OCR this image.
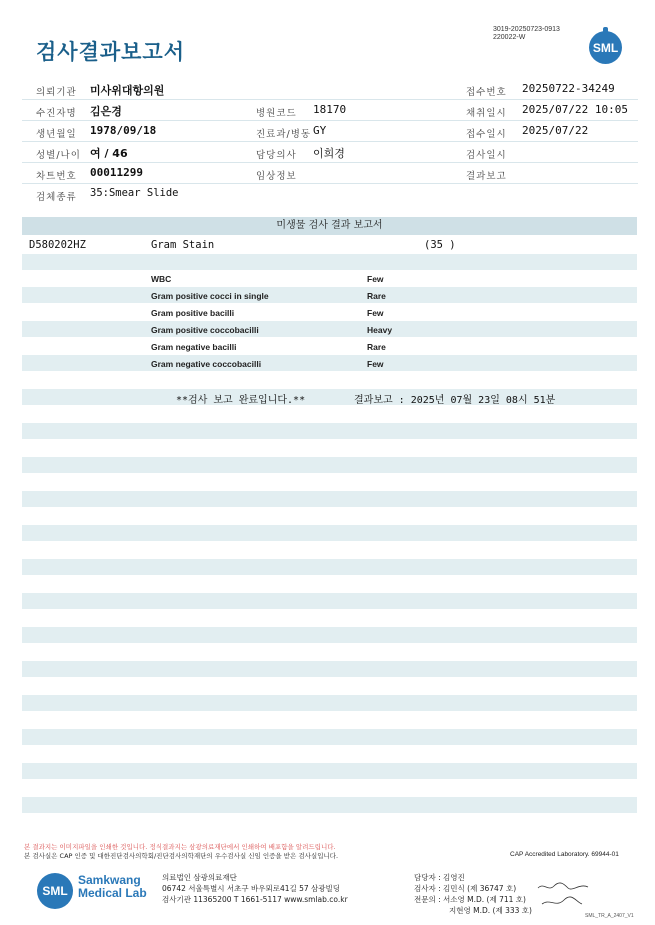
검사결과보고서
3019-20250723-0913
220022-W
SML
의뢰기관 미사위대항의원	접수번호 20250722-34249
수진자명 김은경	병원코드 18170	채취일시 2025/07/22 10:05
생년월일 1978/09/18	진료과/병동 GY	접수일시 2025/07/22
성별/나이 여 / 46	담당의사 이희경	검사일시
차트번호 00011299	임상정보	결과보고
검체종류 35:Smear Slide
미생물 검사 결과 보고서
D580202HZ	Gram Stain	(35 )
WBC	Few
Gram positive cocci in single	Rare
Gram positive bacilli	Few
Gram positive coccobacilli	Heavy
Gram negative bacilli	Rare
Gram negative coccobacilli	Few
**검사 보고 완료입니다.**	결과보고 : 2025년 07월 23일 08시 51분
본 결과지는 이미지파일을 인쇄한 것입니다. 정식결과지는 삼광의료재단에서 인쇄하여 배포함을 알려드립니다.
본 검사실은 CAP 인증 및 대한진단검사의학회/진단검사의학재단의 우수검사실 신임 인증을 받은 검사실입니다.	CAP Accredited Laboratory. 69944-01
SML
Samkwang
Medical Lab
의료법인 삼광의료재단
06742 서울특별시 서초구 바우뫼로41길 57 삼광빌딩
검사기관 11365200 T 1661-5117 www.smlab.co.kr
담당자 : 김영진
검사자 : 김민식 (제 36747 호)
전문의 : 서소영 M.D. (제 711 호)
지현영 M.D. (제 333 호)
SML_TR_A_2407_V1
